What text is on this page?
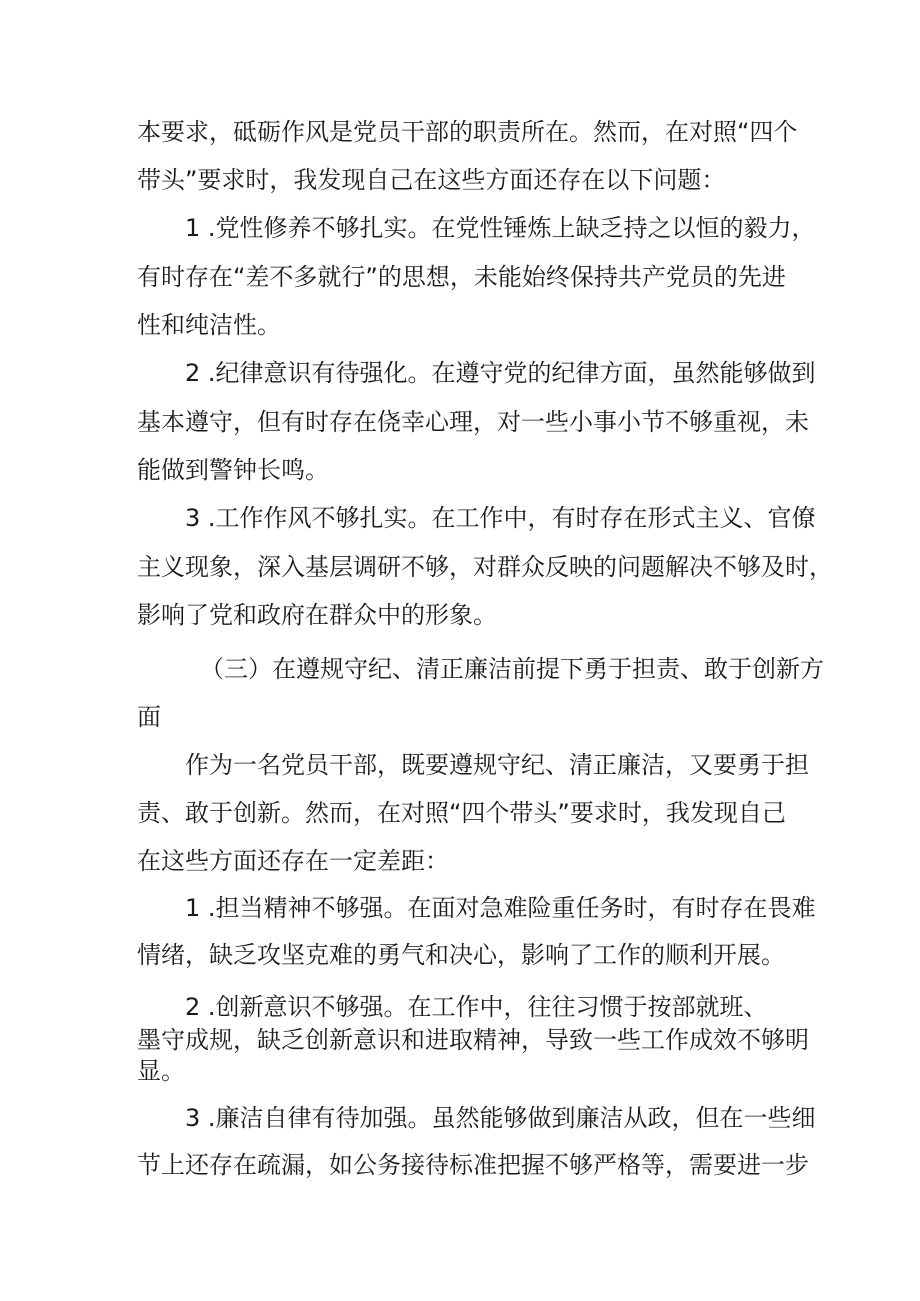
本要求，砥砺作风是党员干部的职责所在。然而，在对照“四个
带头”要求时，我发现自己在这些方面还存在以下问题：
1 .党性修养不够扎实。在党性锤炼上缺乏持之以恒的毅力，
有时存在“差不多就行”的思想，未能始终保持共产党员的先进
性和纯洁性。
2 .纪律意识有待强化。在遵守党的纪律方面，虽然能够做到
基本遵守，但有时存在侥幸心理，对一些小事小节不够重视，未
能做到警钟长鸣。
3 .工作作风不够扎实。在工作中，有时存在形式主义、官僚
主义现象，深入基层调研不够，对群众反映的问题解决不够及时，
影响了党和政府在群众中的形象。
（三）在遵规守纪、清正廉洁前提下勇于担责、敢于创新方
面
作为一名党员干部，既要遵规守纪、清正廉洁，又要勇于担
责、敢于创新。然而，在对照“四个带头”要求时，我发现自己
在这些方面还存在一定差距：
1 .担当精神不够强。在面对急难险重任务时，有时存在畏难
情绪，缺乏攻坚克难的勇气和决心，影响了工作的顺利开展。
2 .创新意识不够强。在工作中，往往习惯于按部就班、
墨守成规，缺乏创新意识和进取精神，导致一些工作成效不够明
显。
3 .廉洁自律有待加强。虽然能够做到廉洁从政，但在一些细
节上还存在疏漏，如公务接待标准把握不够严格等，需要进一步
